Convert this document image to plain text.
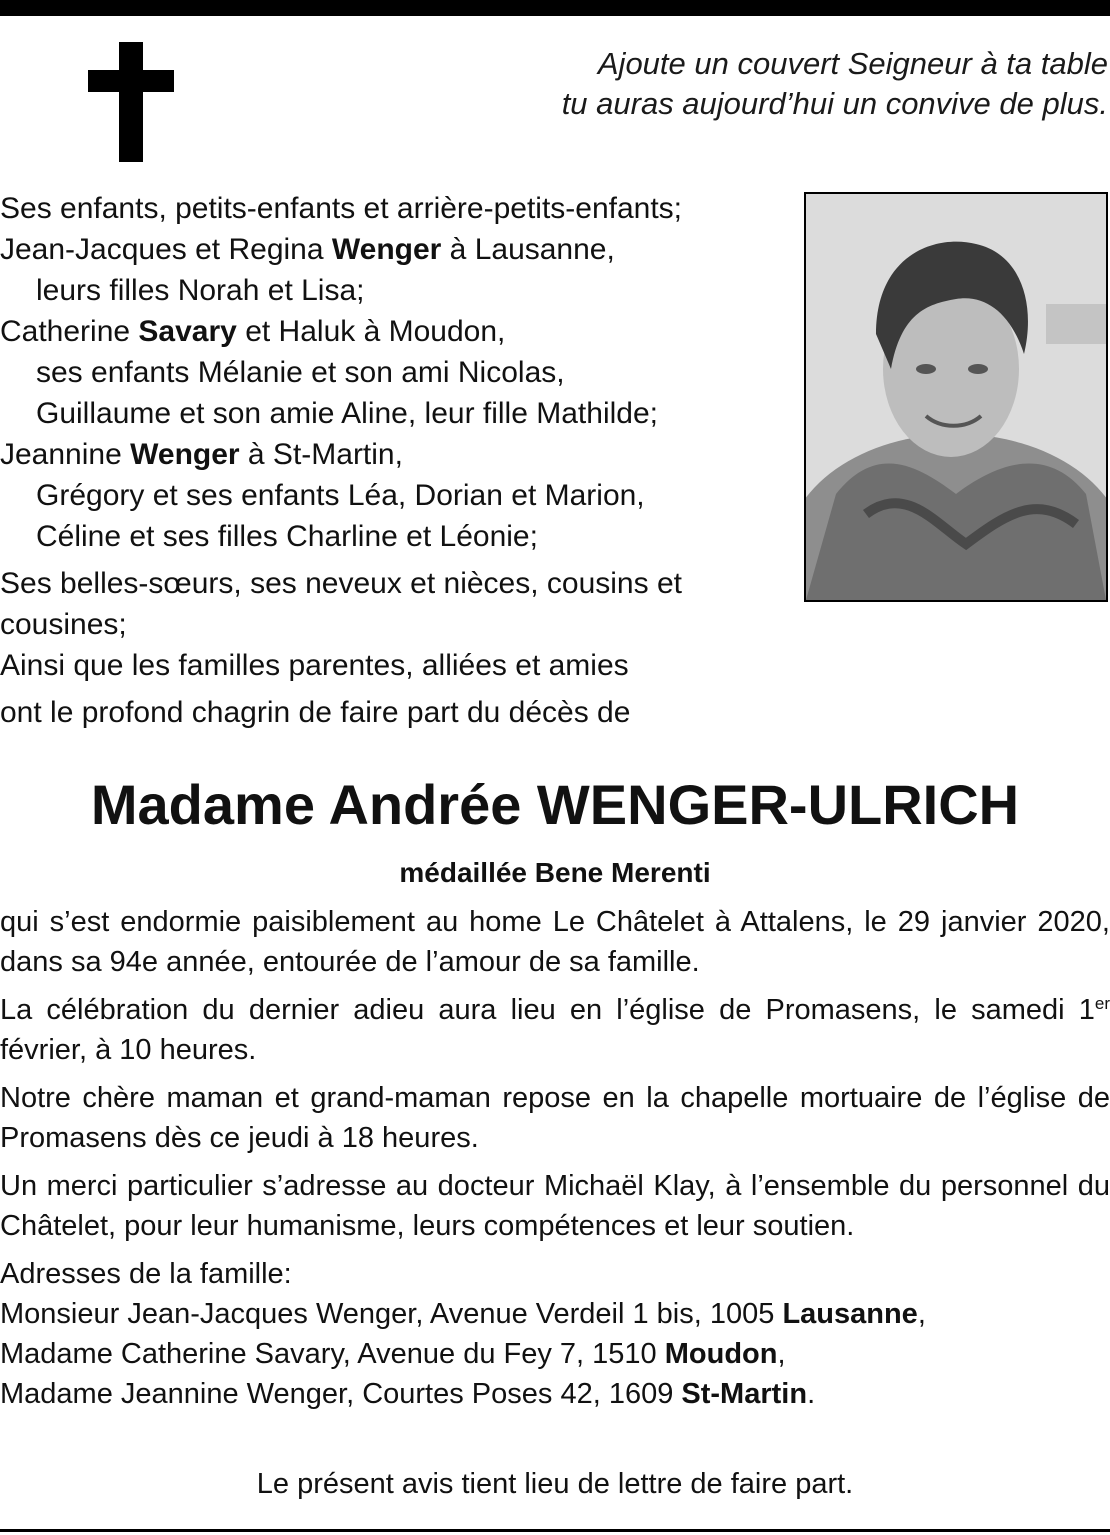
Ajoute un couvert Seigneur à ta table
tu auras aujourd’hui un convive de plus.
Ses enfants, petits-enfants et arrière-petits-enfants;
Jean-Jacques et Regina Wenger à Lausanne,
leurs filles Norah et Lisa;
Catherine Savary et Haluk à Moudon,
ses enfants Mélanie et son ami Nicolas,
Guillaume et son amie Aline, leur fille Mathilde;
Jeannine Wenger à St-Martin,
Grégory et ses enfants Léa, Dorian et Marion,
Céline et ses filles Charline et Léonie;
Ses belles-sœurs, ses neveux et nièces, cousins et
cousines;
Ainsi que les familles parentes, alliées et amies
ont le profond chagrin de faire part du décès de
Madame Andrée WENGER-ULRICH
médaillée Bene Merenti

qui s’est endormie paisiblement au home Le Châtelet à Attalens, le 29 janvier 2020, dans sa 94e année, entourée de l’amour de sa famille.

La célébration du dernier adieu aura lieu en l’église de Promasens, le samedi 1er février, à 10 heures.

Notre chère maman et grand-maman repose en la chapelle mortuaire de l’église de Promasens dès ce jeudi à 18 heures.

Un merci particulier s’adresse au docteur Michaël Klay, à l’ensemble du personnel du Châtelet, pour leur humanisme, leurs compétences et leur soutien.

Adresses de la famille:
Monsieur Jean-Jacques Wenger, Avenue Verdeil 1 bis, 1005 Lausanne,
Madame Catherine Savary, Avenue du Fey 7, 1510 Moudon,
Madame Jeannine Wenger, Courtes Poses 42, 1609 St-Martin.
Le présent avis tient lieu de lettre de faire part.
